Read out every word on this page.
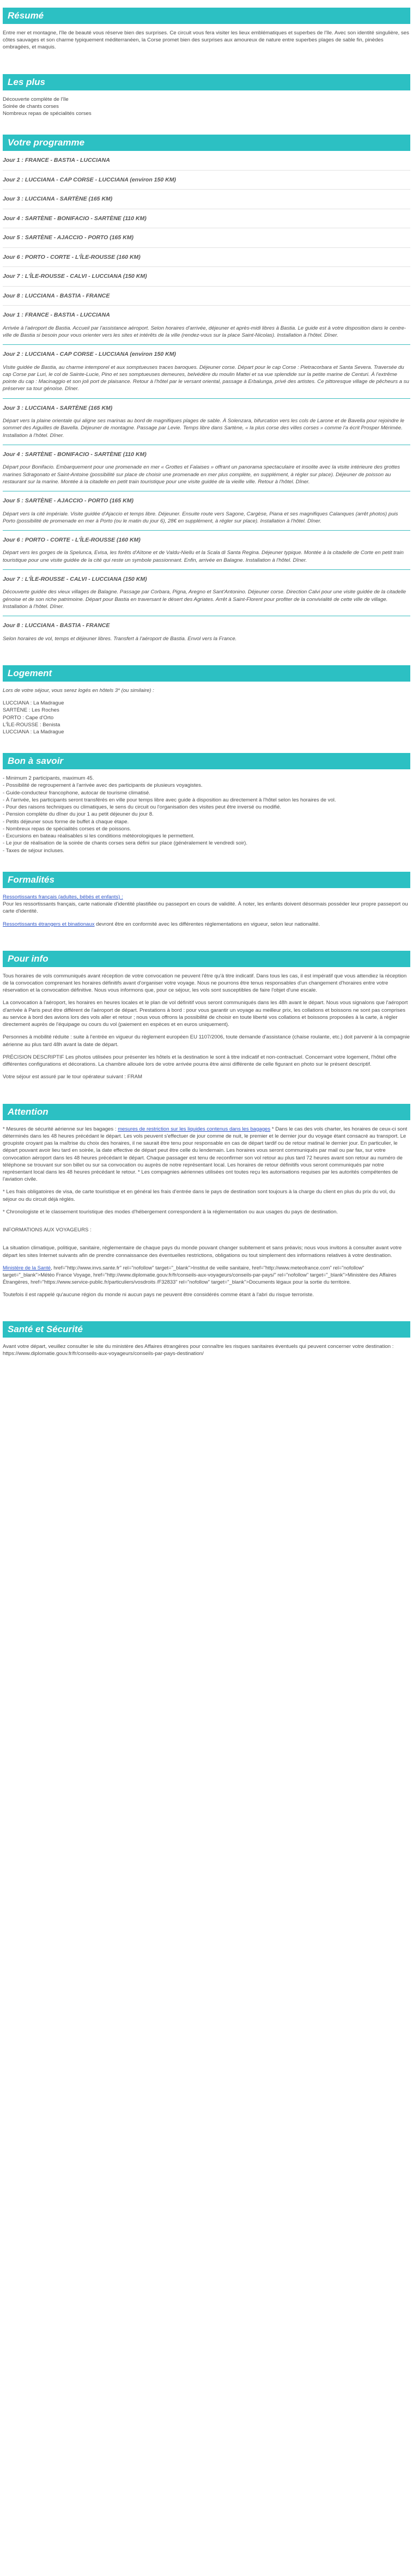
Résumé

Entre mer et montagne, l'île de beauté vous réserve bien des surprises. Ce circuit vous fera visiter les lieux emblématiques et superbes de l'île. Avec son identité singulière, ses côtes sauvages et son charme typiquement méditerranéen, la Corse promet bien des surprises aux amoureux de nature entre superbes plages de sable fin, pinèdes ombragées, et maquis.

Les plus
Découverte complète de l'île
Soirée de chants corses
Nombreux repas de spécialités corses
Votre programme
Jour 1 : FRANCE - BASTIA - LUCCIANA
Jour 2 : LUCCIANA - CAP CORSE - LUCCIANA (environ 150 KM)
Jour 3 : LUCCIANA - SARTÈNE (165 KM)
Jour 4 : SARTÈNE - BONIFACIO - SARTÈNE (110 KM)
Jour 5 : SARTÈNE - AJACCIO - PORTO (165 KM)
Jour 6 : PORTO - CORTE - L'ÎLE-ROUSSE (160 KM)
Jour 7 : L'ÎLE-ROUSSE - CALVI - LUCCIANA (150 KM)
Jour 8 : LUCCIANA - BASTIA - FRANCE
Jour 1 : FRANCE - BASTIA - LUCCIANA

Arrivée à l'aéroport de Bastia. Accueil par l'assistance aéroport. Selon horaires d'arrivée, déjeuner et après-midi libres à Bastia. Le guide est à votre disposition dans le centre-ville de Bastia si besoin pour vous orienter vers les sites et intérêts de la ville (rendez-vous sur la place Saint-Nicolas). Installation à l'hôtel. Dîner.

Jour 2 : LUCCIANA - CAP CORSE - LUCCIANA (environ 150 KM)

Visite guidée de Bastia, au charme intemporel et aux somptueuses traces baroques. Déjeuner corse. Départ pour le cap Corse : Pietracorbara et Santa Severa. Traversée du cap Corse par Luri, le col de Sainte-Lucie, Pino et ses somptueuses demeures, belvédère du moulin Mattei et sa vue splendide sur la petite marine de Centuri. À l'extrême pointe du cap : Macinaggio et son joli port de plaisance. Retour à l'hôtel par le versant oriental, passage à Erbalunga, privé des artistes. Ce pittoresque village de pêcheurs a su préserver sa tour génoise. Dîner.

Jour 3 : LUCCIANA - SARTÈNE (165 KM)

Départ vers la plaine orientale qui aligne ses marinas au bord de magnifiques plages de sable. À Solenzara, bifurcation vers les cols de Larone et de Bavella pour rejoindre le sommet des Aiguilles de Bavella. Déjeuner de montagne. Passage par Levie. Temps libre dans Sartène, « la plus corse des villes corses » comme l'a écrit Prosper Mérimée. Installation à l'hôtel. Dîner.

Jour 4 : SARTÈNE - BONIFACIO - SARTÈNE (110 KM)

Départ pour Bonifacio. Embarquement pour une promenade en mer « Grottes et Falaises » offrant un panorama spectaculaire et insolite avec la visite intérieure des grottes marines Sdragonato et Saint-Antoine (possibilité sur place de choisir une promenade en mer plus complète, en supplément, à régler sur place). Déjeuner de poisson au restaurant sur la marine. Montée à la citadelle en petit train touristique pour une visite guidée de la vieille ville. Retour à l'hôtel. Dîner.

Jour 5 : SARTÈNE - AJACCIO - PORTO (165 KM)

Départ vers la cité impériale. Visite guidée d'Ajaccio et temps libre. Déjeuner. Ensuite route vers Sagone, Cargèse, Piana et ses magnifiques Calanques (arrêt photos) puis Porto (possibilité de promenade en mer à Porto (ou le matin du jour 6), 28€ en supplément, à régler sur place). Installation à l'hôtel. Dîner.

Jour 6 : PORTO - CORTE - L'ÎLE-ROUSSE (160 KM)

Départ vers les gorges de la Spelunca, Evisa, les forêts d'Aïtone et de Valdu-Niellu et la Scala di Santa Regina. Déjeuner typique. Montée à la citadelle de Corte en petit train touristique pour une visite guidée de la cité qui reste un symbole passionnant. Enfin, arrivée en Balagne. Installation à l'hôtel. Dîner.

Jour 7 : L'ÎLE-ROUSSE - CALVI - LUCCIANA (150 KM)

Découverte guidée des vieux villages de Balagne. Passage par Corbara, Pigna, Aregno et Sant'Antonino. Déjeuner corse. Direction Calvi pour une visite guidée de la citadelle génoise et de son riche patrimoine. Départ pour Bastia en traversant le désert des Agriates. Arrêt à Saint-Florent pour profiter de la convivialité de cette ville de village. Installation à l'hôtel. Dîner.

Jour 8 : LUCCIANA - BASTIA - FRANCE

Selon horaires de vol, temps et déjeuner libres. Transfert à l'aéroport de Bastia. Envol vers la France.

Logement

Lors de votre séjour, vous serez logés en hôtels 3* (ou similaire) :

LUCCIANA : La Madrague
SARTÈNE : Les Roches
PORTO : Cape d'Orto
L'ÎLE-ROUSSE : Benista
LUCCIANA : La Madrague
Bon à savoir
- Minimum 2 participants, maximum 45.
- Possibilité de regroupement à l'arrivée avec des participants de plusieurs voyagistes.
- Guide-conducteur francophone, autocar de tourisme climatisé.
- À l'arrivée, les participants seront transférés en ville pour temps libre avec guide à disposition au directement à l'hôtel selon les horaires de vol.
- Pour des raisons techniques ou climatiques, le sens du circuit ou l'organisation des visites peut être inversé ou modifié.
- Pension complète du dîner du jour 1 au petit déjeuner du jour 8.
- Petits déjeuner sous forme de buffet à chaque étape.
- Nombreux repas de spécialités corses et de poissons.
- Excursions en bateau réalisables si les conditions météorologiques le permettent.
- Le jour de réalisation de la soirée de chants corses sera défini sur place (généralement le vendredi soir).
- Taxes de séjour incluses.
Formalités
Ressortissants français (adultes, bébés et enfants) :

Pour les ressortissants français, carte nationale d'identité plastifiée ou passeport en cours de validité. À noter, les enfants doivent désormais posséder leur propre passeport ou carte d'identité.

Ressortissants étrangers et binationaux devront être en conformité avec les différentes réglementations en vigueur, selon leur nationalité.

Pour info

Tous horaires de vols communiqués avant réception de votre convocation ne peuvent l'être qu'à titre indicatif. Dans tous les cas, il est impératif que vous attendiez la réception de la convocation comprenant les horaires définitifs avant d'organiser votre voyage. Nous ne pourrons être tenus responsables d'un changement d'horaires entre votre réservation et la convocation définitive. Nous vous informons que, pour ce séjour, les vols sont susceptibles de faire l'objet d'une escale.

La convocation à l'aéroport, les horaires en heures locales et le plan de vol définitif vous seront communiqués dans les 48h avant le départ. Nous vous signalons que l'aéroport d'arrivée à Paris peut être différent de l'aéroport de départ. Prestations à bord : pour vous garantir un voyage au meilleur prix, les collations et boissons ne sont pas comprises au service à bord des avions lors des vols aller et retour ; nous vous offrons la possibilité de choisir en toute liberté vos collations et boissons proposées à la carte, à régler directement auprès de l'équipage ou cours du vol (paiement en espèces et en euros uniquement).

Personnes à mobilité réduite : suite à l'entrée en vigueur du règlement européen EU 1107/2006, toute demande d'assistance (chaise roulante, etc.) doit parvenir à la compagnie aérienne au plus tard 48h avant la date de départ.

PRÉCISION DESCRIPTIF Les photos utilisées pour présenter les hôtels et la destination le sont à titre indicatif et non-contractuel. Concernant votre logement, l'hôtel offre différentes configurations et décorations. La chambre allouée lors de votre arrivée pourra être ainsi différente de celle figurant en photo sur le présent descriptif.

Votre séjour est assuré par le tour opérateur suivant : FRAM

Attention

* Mesures de sécurité aérienne sur les bagages : mesures de restriction sur les liquides contenus dans les bagages * Dans le cas des vols charter, les horaires de ceux-ci sont déterminés dans les 48 heures précédant le départ. Les vols peuvent s'effectuer de jour comme de nuit, le premier et le dernier jour du voyage étant consacré au transport. Le groupiste croyant pas la maîtrise du choix des horaires, il ne saurait être tenu pour responsable en cas de départ tardif ou de retour matinal le dernier jour. En particulier, le départ pouvant avoir lieu tard en soirée, la date effective de départ peut être celle du lendemain. Les horaires vous seront communiqués par mail ou par fax, sur votre convocation aéroport dans les 48 heures précédant le départ. Chaque passager est tenu de reconfirmer son vol retour au plus tard 72 heures avant son retour au numéro de téléphone se trouvant sur son billet ou sur sa convocation ou auprès de notre représentant local. Les horaires de retour définitifs vous seront communiqués par notre représentant local dans les 48 heures précédant le retour. * Les compagnies aériennes utilisées ont toutes reçu les autorisations requises par les autorités compétentes de l'aviation civile.

* Les frais obligatoires de visa, de carte touristique et en général les frais d'entrée dans le pays de destination sont toujours à la charge du client en plus du prix du vol, du séjour ou du circuit déjà réglés.

* Chronologiste et le classement touristique des modes d'hébergement correspondent à la réglementation ou aux usages du pays de destination.

INFORMATIONS AUX VOYAGEURS :

La situation climatique, politique, sanitaire, réglementaire de chaque pays du monde pouvant changer subitement et sans préavis; nous vous invitons à consulter avant votre départ les sites Internet suivants afin de prendre connaissance des éventuelles restrictions, obligations ou tout simplement des informations relatives à votre destination.

Ministère de la Santé, href="http://www.invs.sante.fr" rel="nofollow" target="_blank">Institut de veille sanitaire, href="http://www.meteofrance.com" rel="nofollow" target="_blank">Météo France Voyage, href="http://www.diplomatie.gouv.fr/fr/conseils-aux-voyageurs/conseils-par-pays/" rel="nofollow" target="_blank">Ministère des Affaires Étrangères, href="https://www.service-public.fr/particuliers/vosdroits /F32833" rel="nofollow" target="_blank">Documents légaux pour la sortie du territoire.

Toutefois il est rappelé qu'aucune région du monde ni aucun pays ne peuvent être considérés comme étant à l'abri du risque terroriste.

Santé et Sécurité

Avant votre départ, veuillez consulter le site du ministère des Affaires étrangères pour connaître les risques sanitaires éventuels qui peuvent concerner votre destination : https://www.diplomatie.gouv.fr/fr/conseils-aux-voyageurs/conseils-par-pays-destination/
